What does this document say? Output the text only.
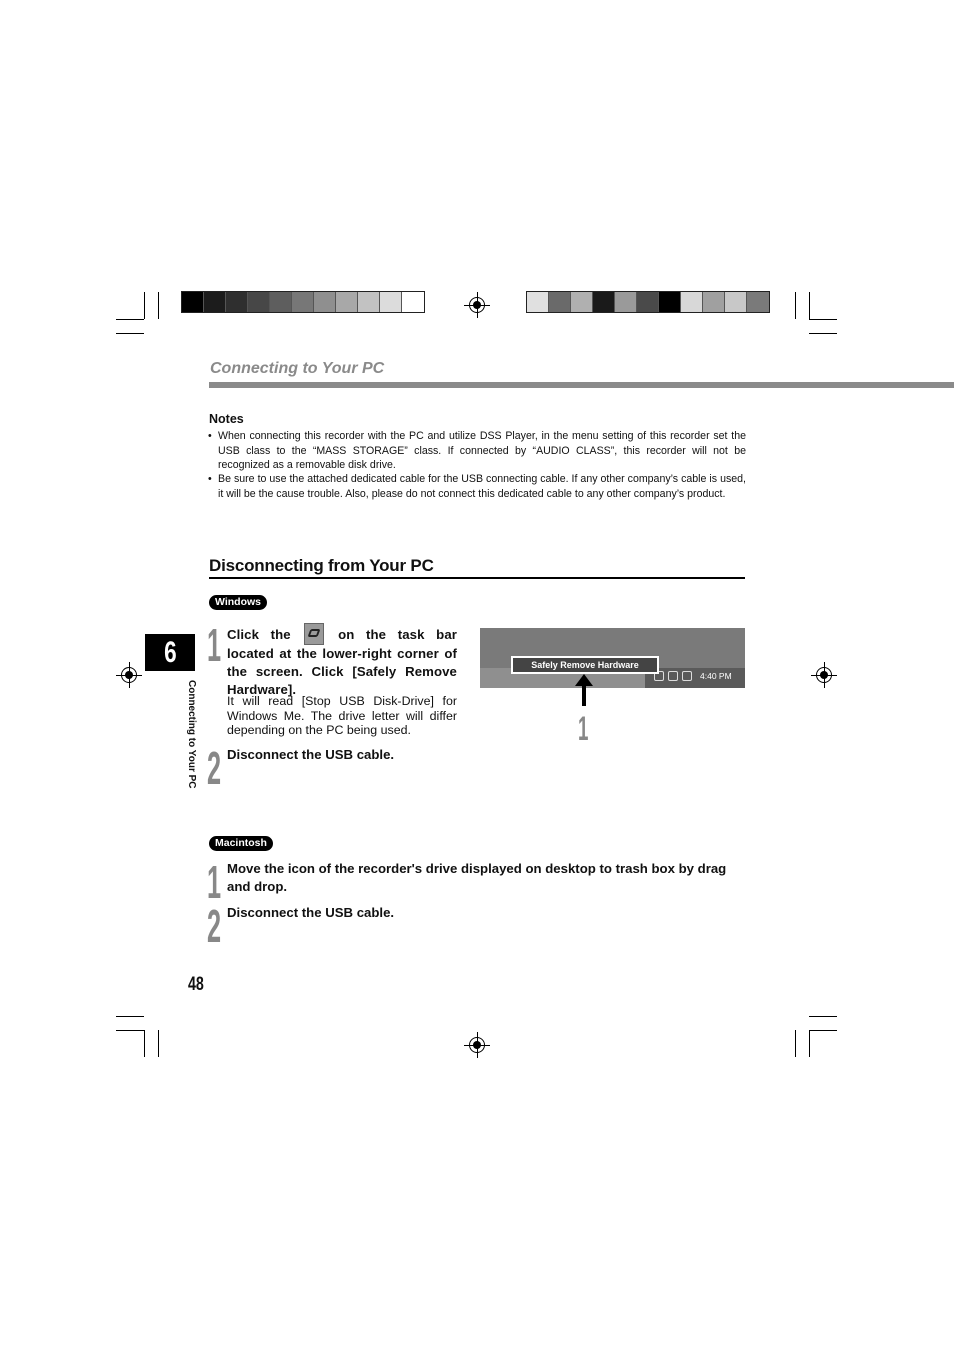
Connecting to Your PC
Notes
• When connecting this recorder with the PC and utilize DSS Player, in the menu setting of this recorder set the USB class to the “MASS STORAGE” class. If connected by “AUDIO CLASS”, this recorder will not be recognized as a removable disk drive.
• Be sure to use the attached dedicated cable for the USB connecting cable. If any other company’s cable is used, it will be the cause trouble. Also, please do not connect this dedicated cable to any other company’s product.
Disconnecting from Your PC
Windows
1 Click the	on the task bar located at the lower-right corner of the screen. Click [Safely Remove Hardware].
It will read [Stop USB Disk-Drive] for Windows Me. The drive letter will differ depending on the PC being used.
2 Disconnect the USB cable.
Safely Remove Hardware
4:40 PM
1
Macintosh
1 Move the icon of the recorder's drive displayed on desktop to trash box by drag and drop.
2 Disconnect the USB cable.
6
Connecting to Your PC
48
